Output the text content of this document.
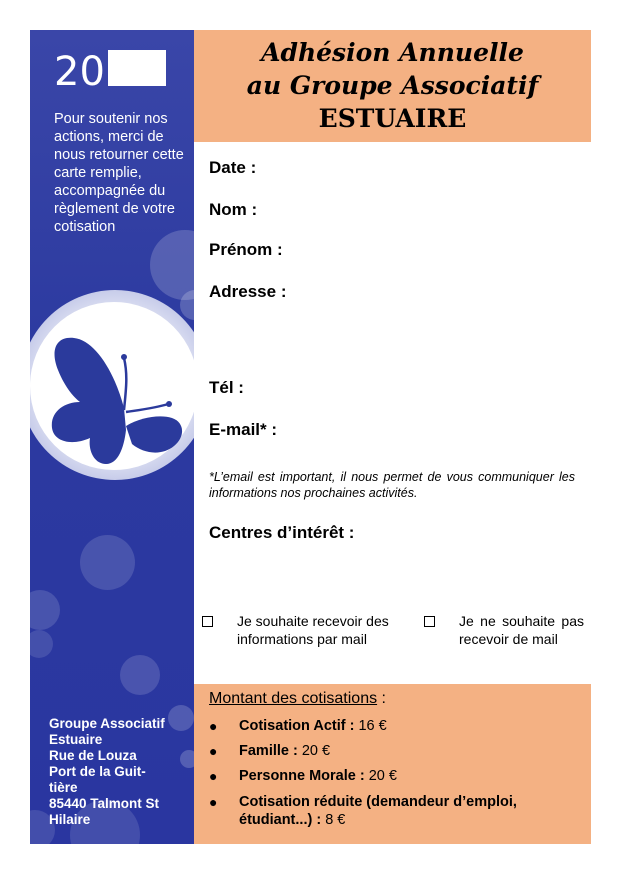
20
Pour soutenir nos actions, merci de nous retourner cette carte remplie, accompagnée du règlement de votre cotisation
Groupe Associatif
Estuaire
Rue de Louza
Port de la Guit-
tière
85440 Talmont St
Hilaire
Adhésion Annuelle
au Groupe Associatif
ESTUAIRE
Date :
Nom :
Prénom :
Adresse :
Tél :
E-mail* :
*L’email est important, il nous permet de vous communiquer les informations nos prochaines activités.
Centres d’intérêt :
Je souhaite recevoir des informations par mail
Je ne souhaite pas recevoir de mail
Montant des cotisations :
● Cotisation Actif : 16 €
● Famille : 20 €
● Personne Morale : 20 €
● Cotisation réduite (demandeur d’emploi, étudiant...) : 8 €
